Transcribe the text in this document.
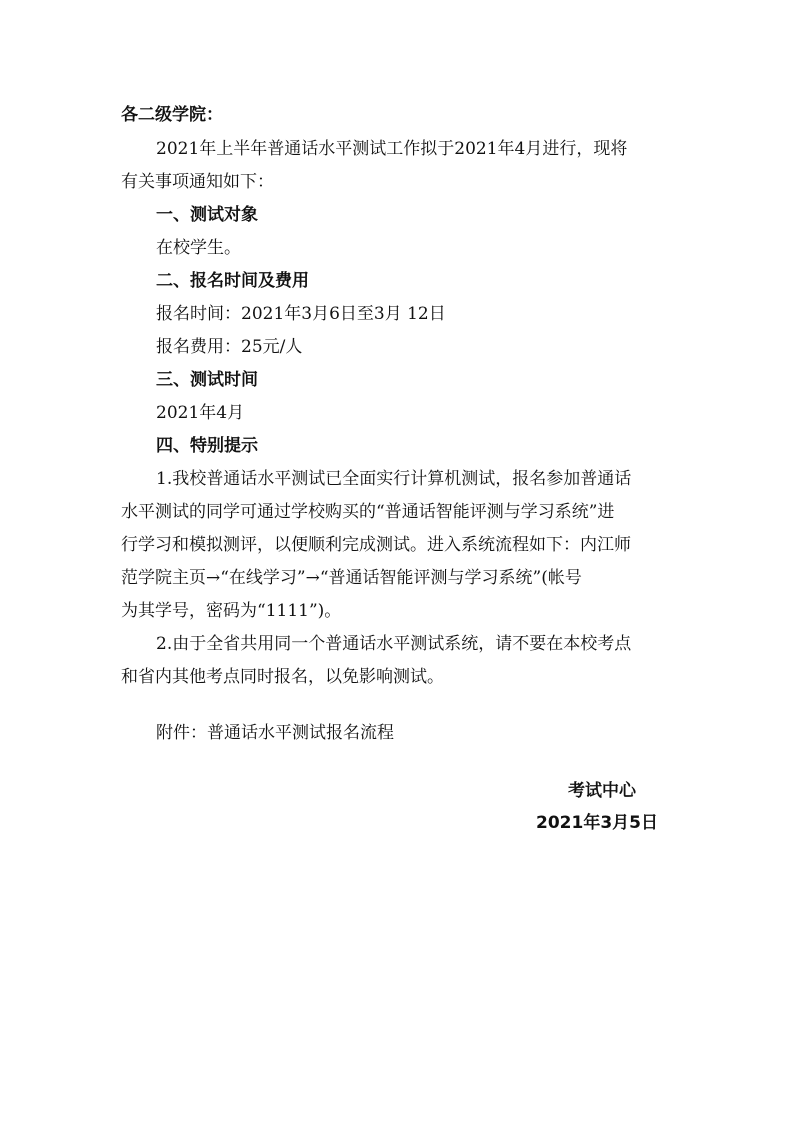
各二级学院：
2021年上半年普通话水平测试工作拟于2021年4月进行，现将
有关事项通知如下：
一、测试对象
在校学生。
二、报名时间及费用
报名时间：2021年3月6日至3月 12日
报名费用：25元/人
三、测试时间
2021年4月
四、特别提示
1.我校普通话水平测试已全面实行计算机测试，报名参加普通话
水平测试的同学可通过学校购买的“普通话智能评测与学习系统”进
行学习和模拟测评，以便顺利完成测试。进入系统流程如下：内江师
范学院主页→“在线学习”→“普通话智能评测与学习系统”(帐号
为其学号，密码为“1111”)。
2.由于全省共用同一个普通话水平测试系统，请不要在本校考点
和省内其他考点同时报名，以免影响测试。
附件：普通话水平测试报名流程
考试中心
2021年3月5日
